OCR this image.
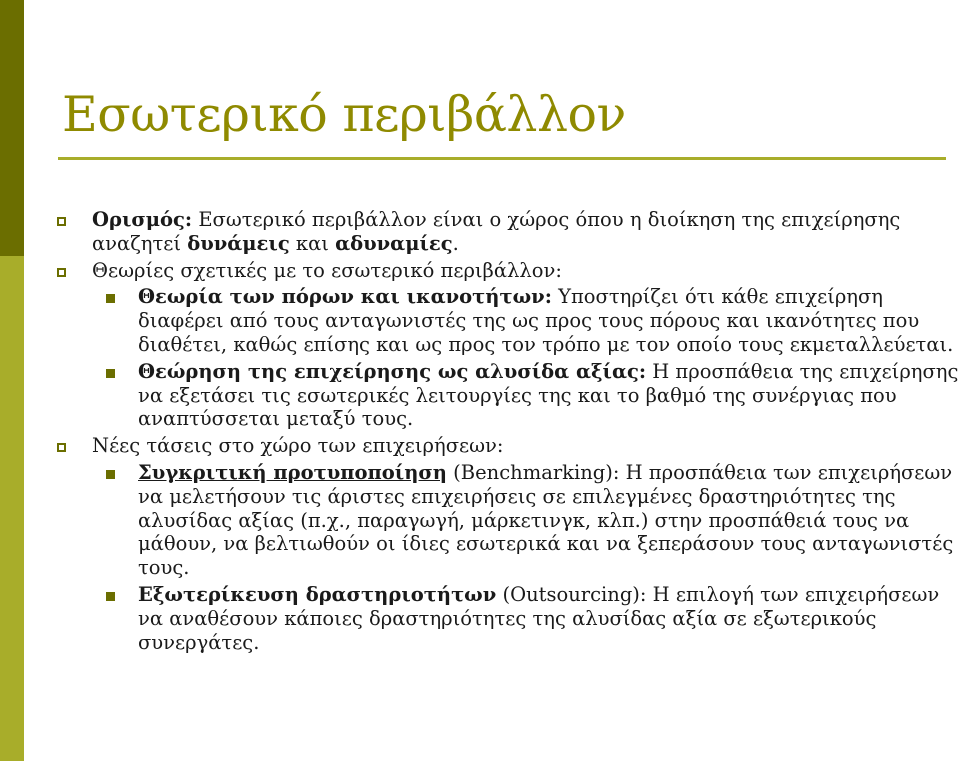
Εσωτερικό περιβάλλον
Ορισμός: Εσωτερικό περιβάλλον είναι ο χώρος όπου η διοίκηση της επιχείρησης αναζητεί δυνάμεις και αδυναμίες.
Θεωρίες σχετικές με το εσωτερικό περιβάλλον:
Θεωρία των πόρων και ικανοτήτων: Υποστηρίζει ότι κάθε επιχείρηση διαφέρει από τους ανταγωνιστές της ως προς τους πόρους και ικανότητες που διαθέτει, καθώς επίσης και ως προς τον τρόπο με τον οποίο τους εκμεταλλεύεται.
Θεώρηση της επιχείρησης ως αλυσίδα αξίας: Η προσπάθεια της επιχείρησης να εξετάσει τις εσωτερικές λειτουργίες της και το βαθμό της συνέργιας που αναπτύσσεται μεταξύ τους.
Νέες τάσεις στο χώρο των επιχειρήσεων:
Συγκριτική προτυποποίηση (Benchmarking): Η προσπάθεια των επιχειρήσεων να μελετήσουν τις άριστες επιχειρήσεις σε επιλεγμένες δραστηριότητες της αλυσίδας αξίας (π.χ., παραγωγή, μάρκετινγκ, κλπ.) στην προσπάθειά τους να μάθουν, να βελτιωθούν οι ίδιες εσωτερικά και να ξεπεράσουν τους ανταγωνιστές τους.
Εξωτερίκευση δραστηριοτήτων (Outsourcing): Η επιλογή των επιχειρήσεων να αναθέσουν κάποιες δραστηριότητες της αλυσίδας αξία σε εξωτερικούς συνεργάτες.
